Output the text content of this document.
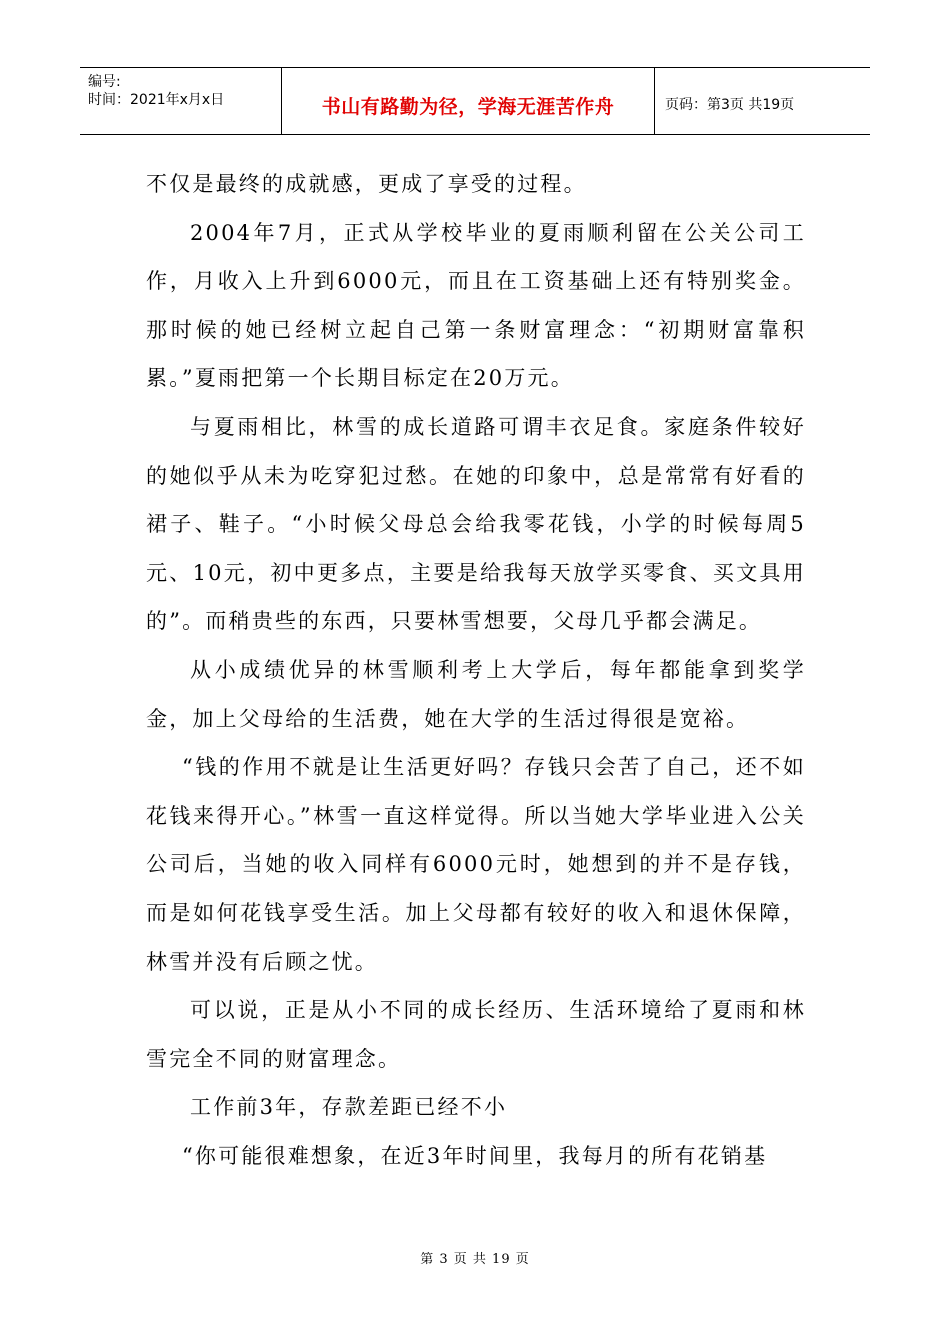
编号:
时间：2021年x月x日	书山有路勤为径，学海无涯苦作舟	页码：第3页 共19页

不仅是最终的成就感，更成了享受的过程。

2004年7月，正式从学校毕业的夏雨顺利留在公关公司工作，月收入上升到6000元，而且在工资基础上还有特别奖金。那时候的她已经树立起自己第一条财富理念：“初期财富靠积累。”夏雨把第一个长期目标定在20万元。

与夏雨相比，林雪的成长道路可谓丰衣足食。家庭条件较好的她似乎从未为吃穿犯过愁。在她的印象中，总是常常有好看的裙子、鞋子。“小时候父母总会给我零花钱，小学的时候每周5元、10元，初中更多点，主要是给我每天放学买零食、买文具用的”。而稍贵些的东西，只要林雪想要，父母几乎都会满足。

从小成绩优异的林雪顺利考上大学后，每年都能拿到奖学金，加上父母给的生活费，她在大学的生活过得很是宽裕。

“钱的作用不就是让生活更好吗？存钱只会苦了自己，还不如花钱来得开心。”林雪一直这样觉得。所以当她大学毕业进入公关公司后，当她的收入同样有6000元时，她想到的并不是存钱，而是如何花钱享受生活。加上父母都有较好的收入和退休保障，林雪并没有后顾之忧。

可以说，正是从小不同的成长经历、生活环境给了夏雨和林雪完全不同的财富理念。

工作前3年，存款差距已经不小

“你可能很难想象，在近3年时间里，我每月的所有花销基

第 3 页 共 19 页
